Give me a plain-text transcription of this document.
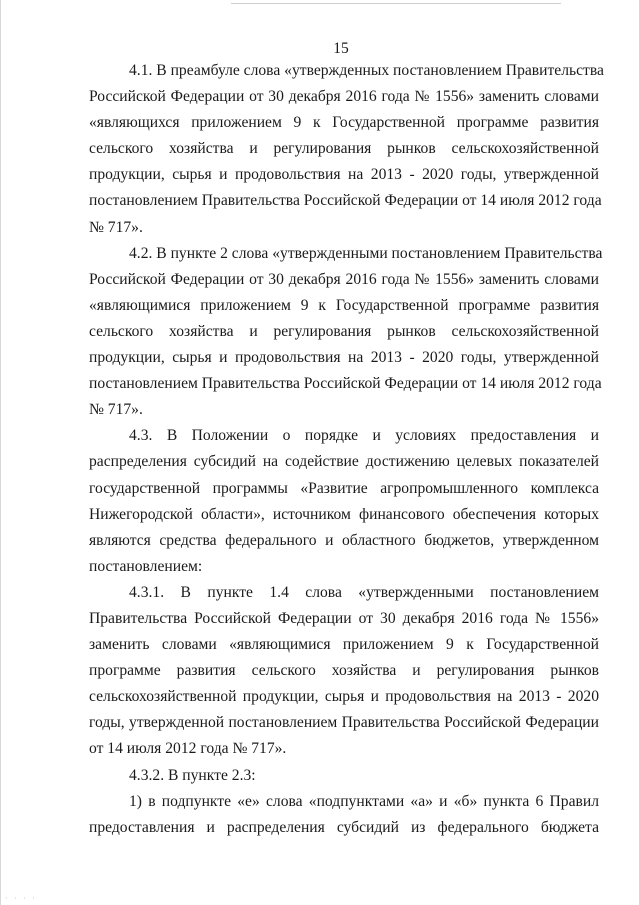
15
4.1. В преамбуле слова «утвержденных постановлением Правительства
Российской Федерации от 30 декабря 2016 года № 1556» заменить словами
«являющихся приложением 9 к Государственной программе развития
сельского хозяйства и регулирования рынков сельскохозяйственной
продукции, сырья и продовольствия на 2013 - 2020 годы, утвержденной
постановлением Правительства Российской Федерации от 14 июля 2012 года
№ 717».
4.2. В пункте 2 слова «утвержденными постановлением Правительства
Российской Федерации от 30 декабря 2016 года № 1556» заменить словами
«являющимися приложением 9 к Государственной программе развития
сельского хозяйства и регулирования рынков сельскохозяйственной
продукции, сырья и продовольствия на 2013 - 2020 годы, утвержденной
постановлением Правительства Российской Федерации от 14 июля 2012 года
№ 717».
4.3. В Положении о порядке и условиях предоставления и
распределения субсидий на содействие достижению целевых показателей
государственной программы «Развитие агропромышленного комплекса
Нижегородской области», источником финансового обеспечения которых
являются средства федерального и областного бюджетов, утвержденном
постановлением:
4.3.1. В пункте 1.4 слова «утвержденными постановлением
Правительства Российской Федерации от 30 декабря 2016 года № 1556»
заменить словами «являющимися приложением 9 к Государственной
программе развития сельского хозяйства и регулирования рынков
сельскохозяйственной продукции, сырья и продовольствия на 2013 - 2020
годы, утвержденной постановлением Правительства Российской Федерации
от 14 июля 2012 года № 717».
4.3.2. В пункте 2.3:
1) в подпункте «е» слова «подпунктами «а» и «б» пункта 6 Правил
предоставления и распределения субсидий из федерального бюджета
· · · ·
